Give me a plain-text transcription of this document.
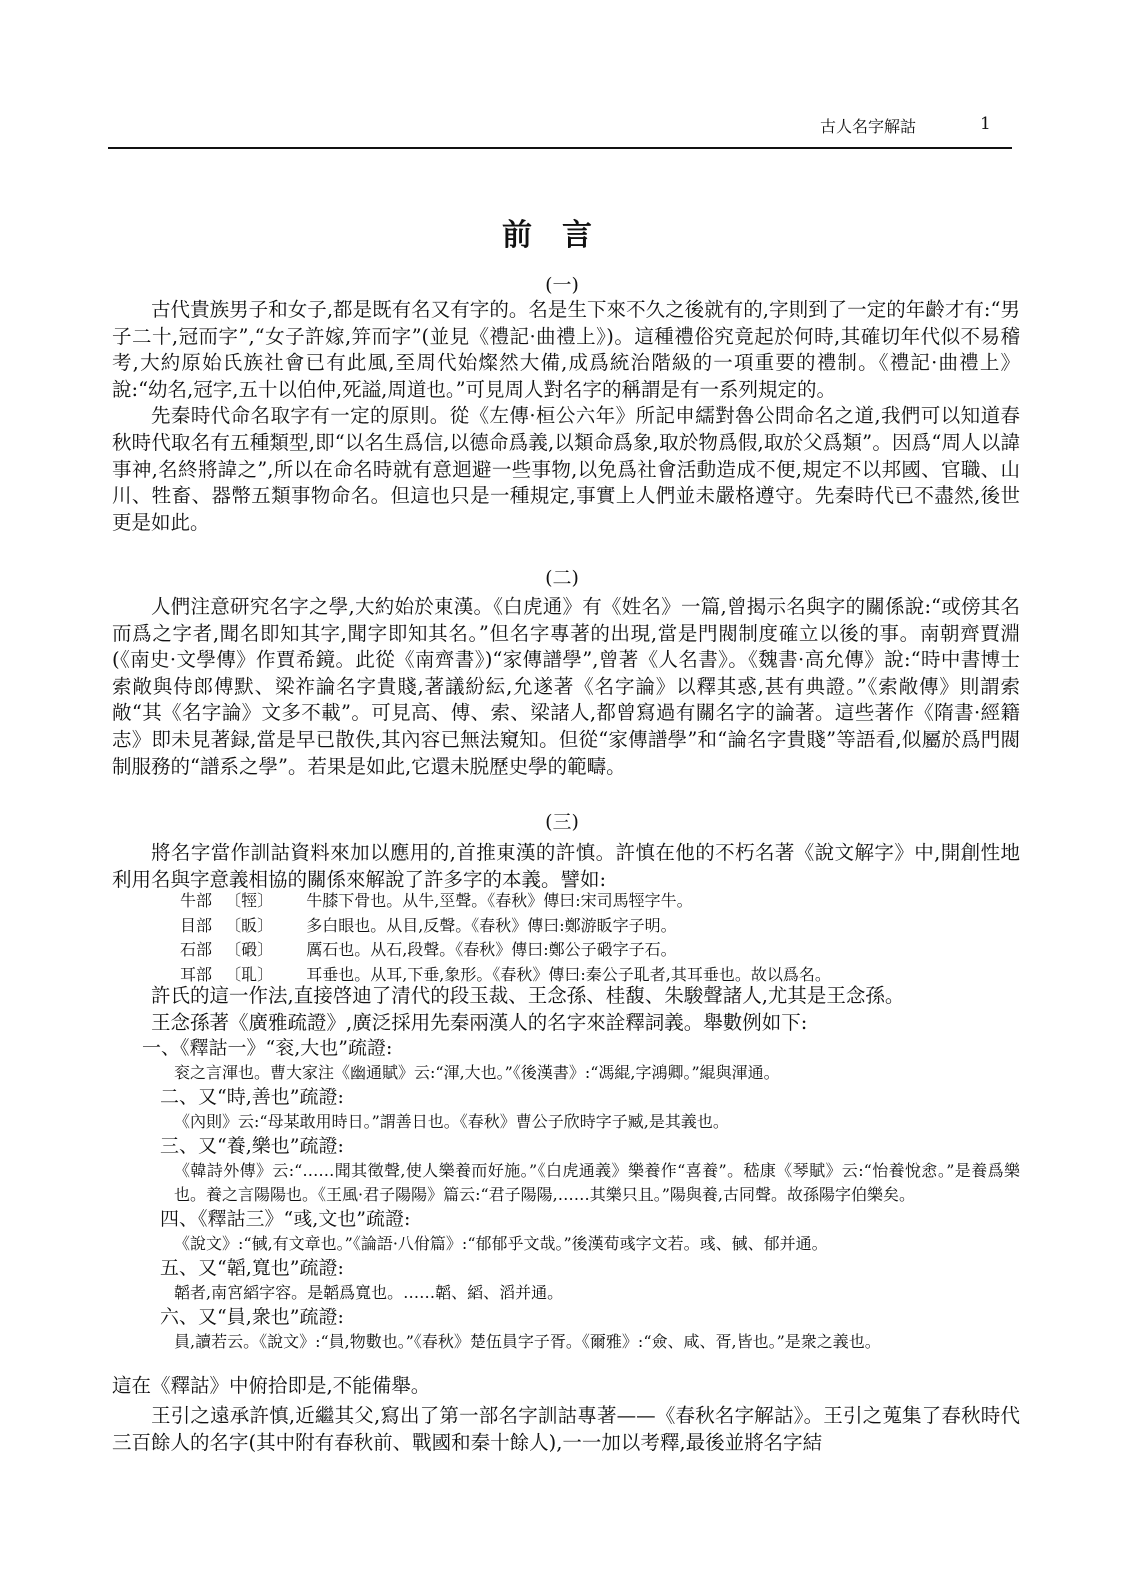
古人名字解詁	1
前言
(一)

古代貴族男子和女子,都是既有名又有字的。名是生下來不久之後就有的,字則到了一定的年齡才有:“男子二十,冠而字”,“女子許嫁,笄而字”(並見《禮記·曲禮上》)。這種禮俗究竟起於何時,其確切年代似不易稽考,大約原始氏族社會已有此風,至周代始燦然大備,成爲統治階級的一項重要的禮制。《禮記·曲禮上》說:“幼名,冠字,五十以伯仲,死謚,周道也。”可見周人對名字的稱謂是有一系列規定的。

先秦時代命名取字有一定的原則。從《左傳·桓公六年》所記申繻對魯公問命名之道,我們可以知道春秋時代取名有五種類型,即“以名生爲信,以德命爲義,以類命爲象,取於物爲假,取於父爲類”。因爲“周人以諱事神,名終將諱之”,所以在命名時就有意迴避一些事物,以免爲社會活動造成不便,規定不以邦國、官職、山川、牲畜、器幣五類事物命名。但這也只是一種規定,事實上人們並未嚴格遵守。先秦時代已不盡然,後世更是如此。

(二)

人們注意研究名字之學,大約始於東漢。《白虎通》有《姓名》一篇,曾揭示名與字的關係說:“或傍其名而爲之字者,聞名即知其字,聞字即知其名。”但名字專著的出現,當是門閥制度確立以後的事。南朝齊賈淵(《南史·文學傳》作賈希鏡。此從《南齊書》)“家傳譜學”,曾著《人名書》。《魏書·高允傳》說:“時中書博士索敞與侍郎傅默、梁祚論名字貴賤,著議紛紜,允遂著《名字論》以釋其惑,甚有典證。”《索敞傳》則謂索敞“其《名字論》文多不載”。可見高、傅、索、梁諸人,都曾寫過有關名字的論著。這些著作《隋書·經籍志》即未見著録,當是早已散佚,其內容已無法窺知。但從“家傳譜學”和“論名字貴賤”等語看,似屬於爲門閥制服務的“譜系之學”。若果是如此,它還未脱歷史學的範疇。

(三)

將名字當作訓詁資料來加以應用的,首推東漢的許慎。許慎在他的不朽名著《說文解字》中,開創性地利用名與字意義相協的關係來解說了許多字的本義。譬如:

牛部 〔牼〕 牛膝下骨也。从牛,巠聲。《春秋》傳曰:宋司馬牼字牛。
目部 〔眅〕 多白眼也。从目,反聲。《春秋》傳曰:鄭游眅字子明。
石部 〔碫〕 厲石也。从石,段聲。《春秋》傳曰:鄭公子碫字子石。
耳部 〔耴〕 耳垂也。从耳,下垂,象形。《春秋》傳曰:秦公子耴者,其耳垂也。故以爲名。

許氏的這一作法,直接啓迪了清代的段玉裁、王念孫、桂馥、朱駿聲諸人,尤其是王念孫。

王念孫著《廣雅疏證》,廣泛採用先秦兩漢人的名字來詮釋詞義。舉數例如下:

一、《釋詁一》“衮,大也”疏證:
衮之言渾也。曹大家注《幽通賦》云:“渾,大也。”《後漢書》:“馮緄,字鴻卿。”緄與渾通。
二、又“時,善也”疏證:
《內則》云:“母某敢用時日。”謂善日也。《春秋》曹公子欣時字子臧,是其義也。
三、又“養,樂也”疏證:
《韓詩外傳》云:“……聞其徵聲,使人樂養而好施。”《白虎通義》樂養作“喜養”。嵇康《琴賦》云:“怡養悅悆。”是養爲樂也。養之言陽陽也。《王風·君子陽陽》篇云:“君子陽陽,……其樂只且。”陽與養,古同聲。故孫陽字伯樂矣。
四、《釋詁三》“彧,文也”疏證:
《說文》:“戫,有文章也。”《論語·八佾篇》:“郁郁乎文哉。”後漢荀彧字文若。彧、戫、郁并通。
五、又“韜,寬也”疏證:
韜者,南宮縚字容。是韜爲寬也。……韜、縚、滔并通。
六、又“員,衆也”疏證:
員,讀若云。《說文》:“員,物數也。”《春秋》楚伍員字子胥。《爾雅》:“僉、咸、胥,皆也。”是衆之義也。

這在《釋詁》中俯拾即是,不能備舉。

王引之遠承許慎,近繼其父,寫出了第一部名字訓詁專著——《春秋名字解詁》。王引之蒐集了春秋時代三百餘人的名字(其中附有春秋前、戰國和秦十餘人),一一加以考釋,最後並將名字結
